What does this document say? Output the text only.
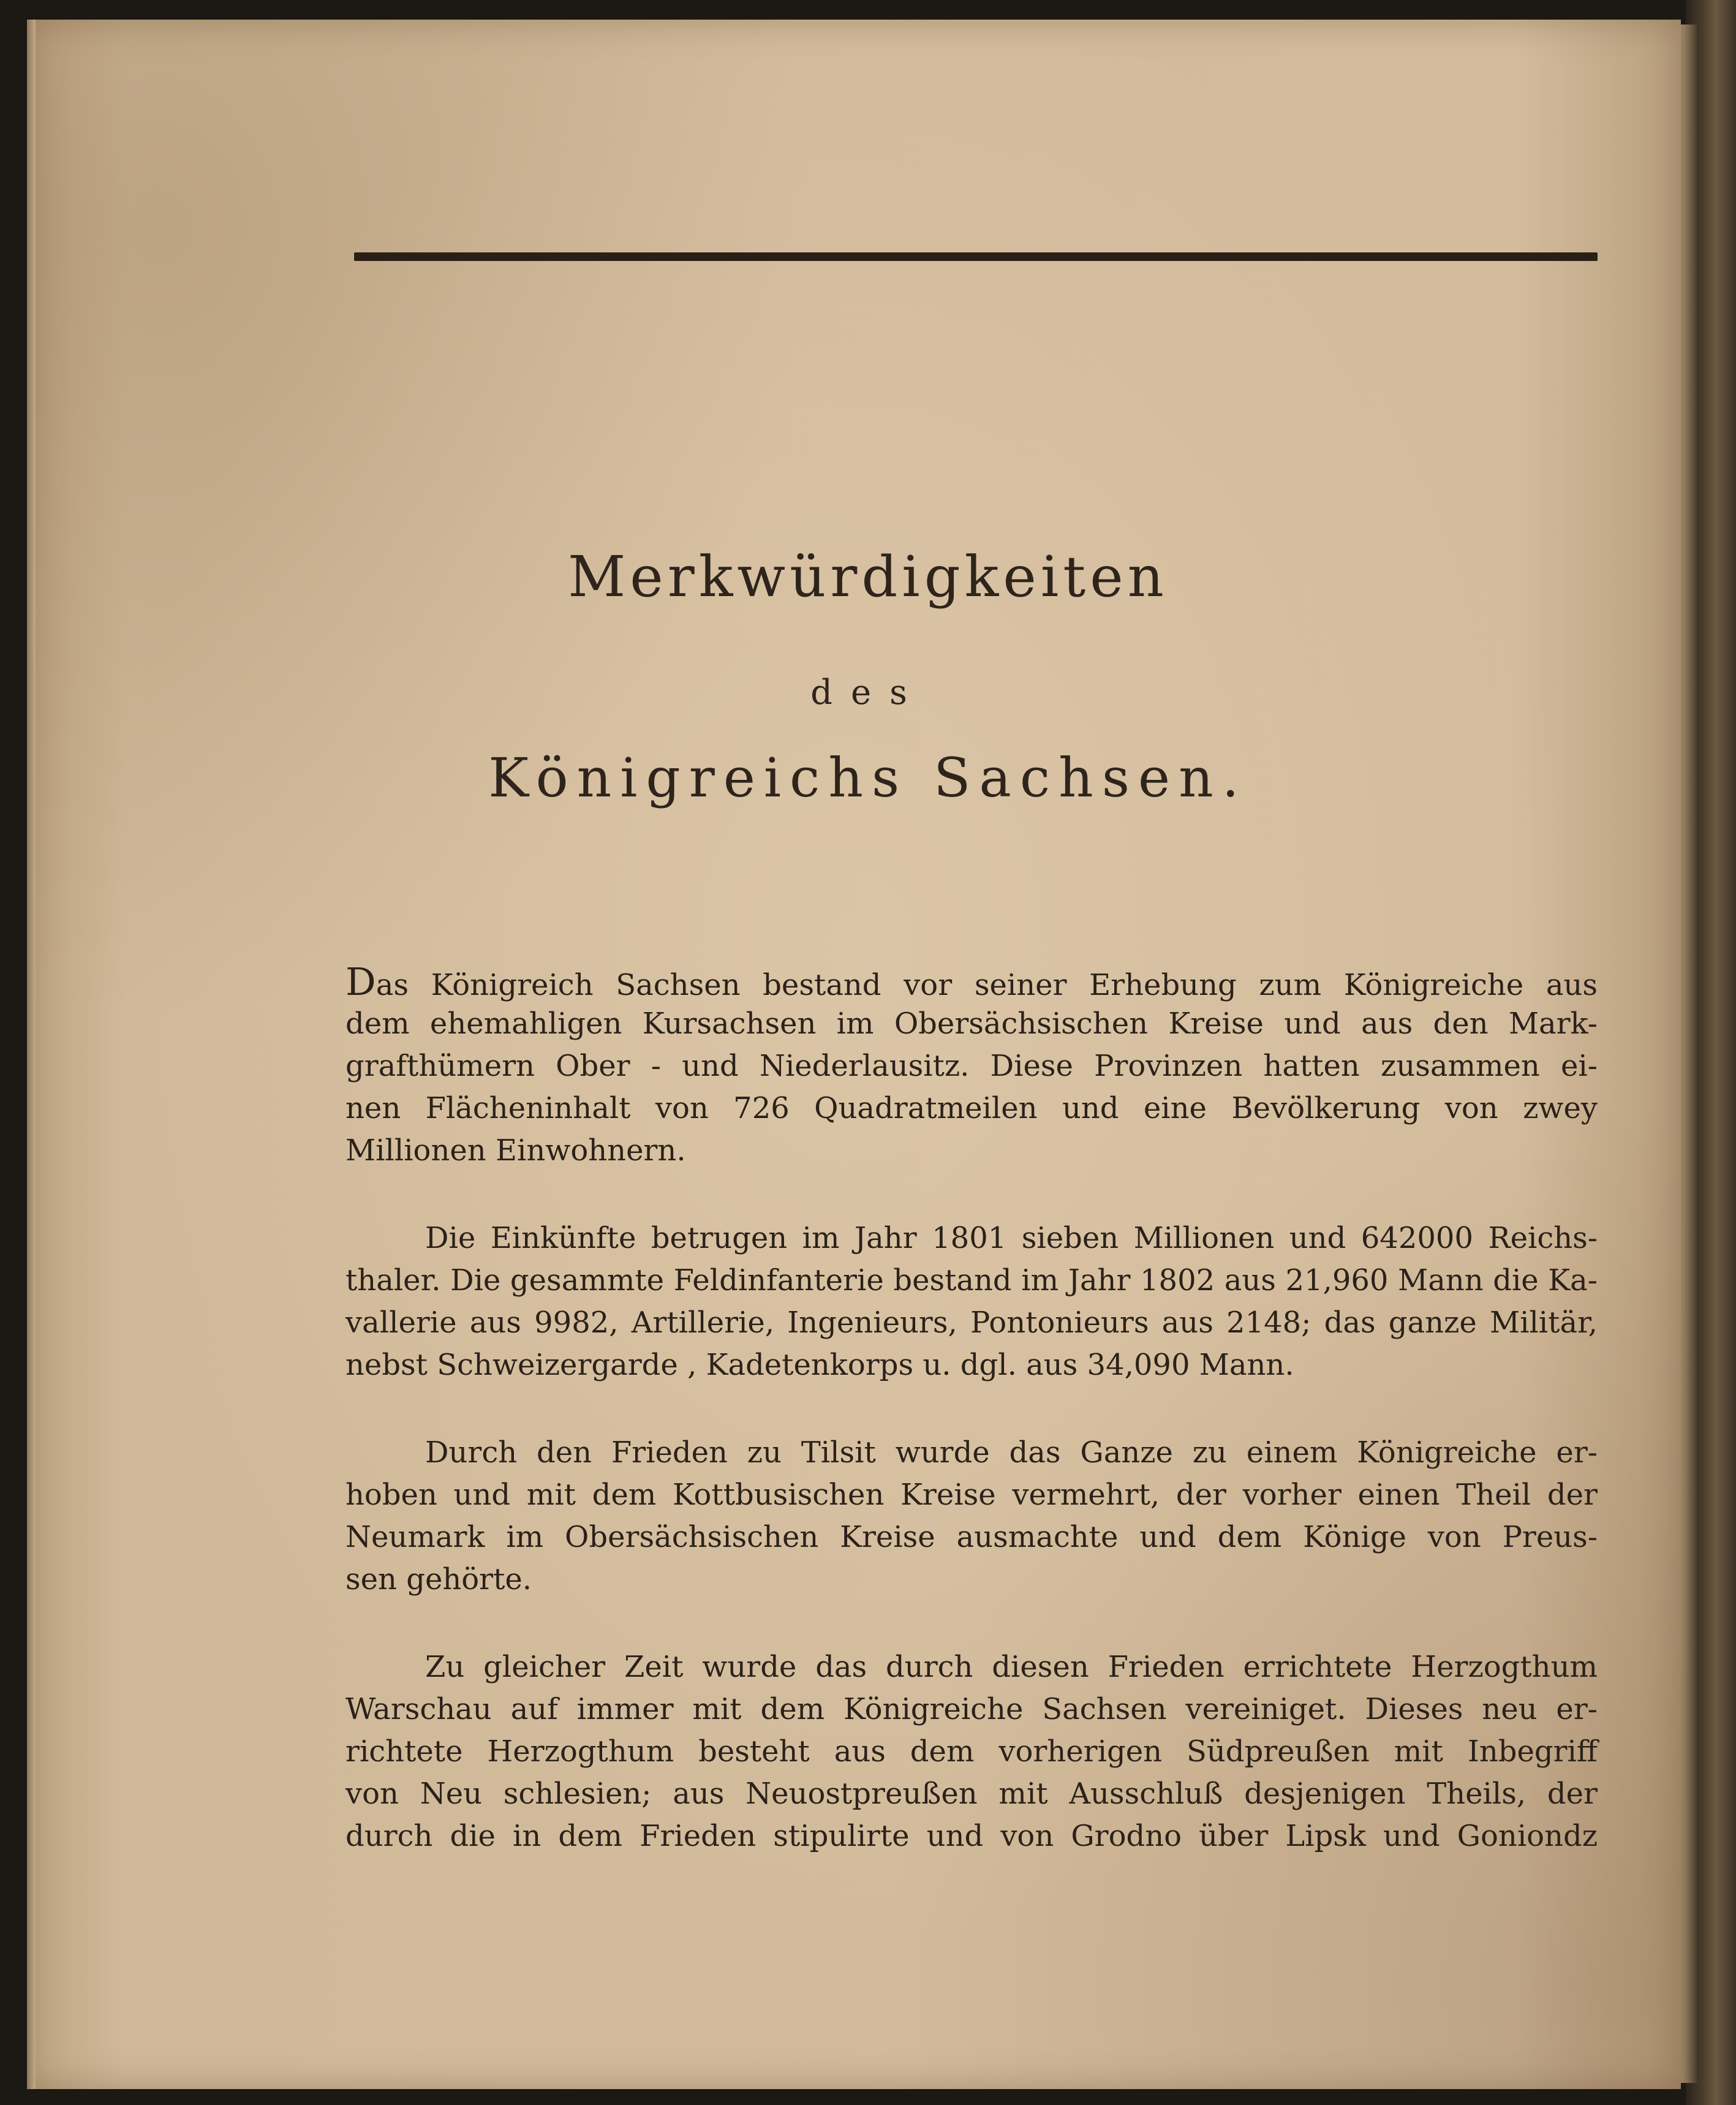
Merkwürdigkeiten
des
Königreichs Sachsen.
Das Königreich Sachsen bestand vor seiner Erhebung zum Königreiche aus
dem ehemahligen Kursachsen im Obersächsischen Kreise und aus den Mark-
grafthümern Ober - und Niederlausitz. Diese Provinzen hatten zusammen ei-
nen Flächeninhalt von 726 Quadratmeilen und eine Bevölkerung von zwey
Millionen Einwohnern.
Die Einkünfte betrugen im Jahr 1801 sieben Millionen und 642000 Reichs-
thaler. Die gesammte Feldinfanterie bestand im Jahr 1802 aus 21,960 Mann die Ka-
vallerie aus 9982, Artillerie, Ingenieurs, Pontonieurs aus 2148; das ganze Militär,
nebst Schweizergarde , Kadetenkorps u. dgl. aus 34,090 Mann.
Durch den Frieden zu Tilsit wurde das Ganze zu einem Königreiche er-
hoben und mit dem Kottbusischen Kreise vermehrt, der vorher einen Theil der
Neumark im Obersächsischen Kreise ausmachte und dem Könige von Preus-
sen gehörte.
Zu gleicher Zeit wurde das durch diesen Frieden errichtete Herzogthum
Warschau auf immer mit dem Königreiche Sachsen vereiniget. Dieses neu er-
richtete Herzogthum besteht aus dem vorherigen Südpreußen mit Inbegriff
von Neu schlesien; aus Neuostpreußen mit Ausschluß desjenigen Theils, der
durch die in dem Frieden stipulirte und von Grodno über Lipsk und Goniondz
